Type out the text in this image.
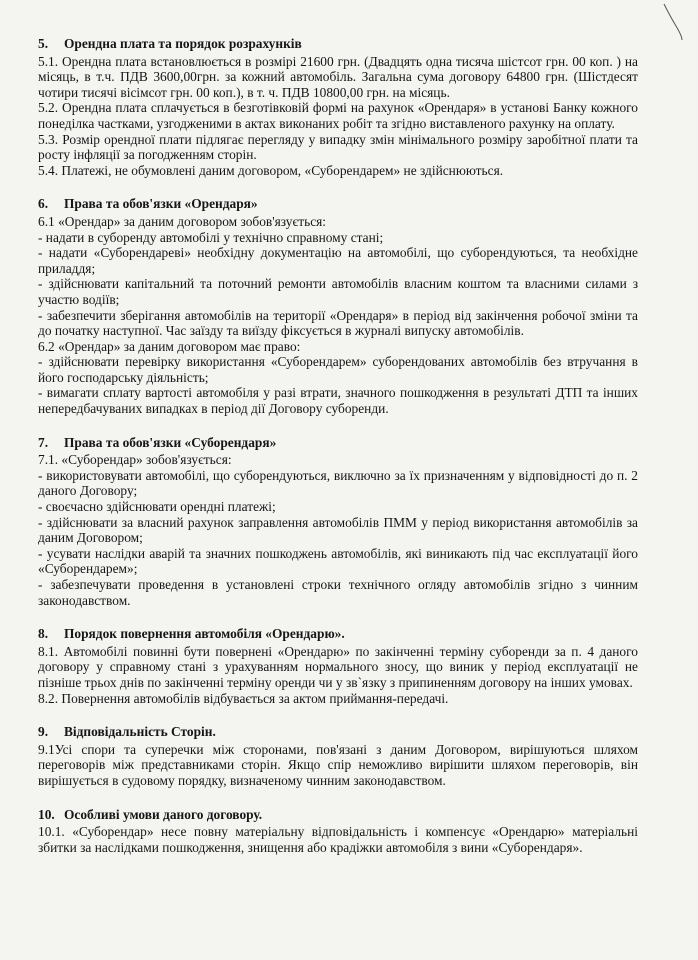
5. Орендна плата та порядок розрахунків

5.1. Орендна плата встановлюється в розмірі 21600 грн. (Двадцять одна тисяча шістсот грн. 00 коп. ) на місяць, в т.ч. ПДВ 3600,00грн. за кожний автомобіль. Загальна сума договору 64800 грн. (Шістдесят чотири тисячі вісімсот грн. 00 коп.), в т. ч. ПДВ 10800,00 грн. на місяць.

5.2. Орендна плата сплачується в безготівковій формі на рахунок «Орендаря» в установі Банку кожного понеділка частками, узгодженими в актах виконаних робіт та згідно виставленого рахунку на оплату.

5.3. Розмір орендної плати підлягає перегляду у випадку змін мінімального розміру заробітної плати та росту інфляції за погодженням сторін.

5.4. Платежі, не обумовлені даним договором, «Суборендарем» не здійснюються.

6. Права та обов'язки «Орендаря»

6.1 «Орендар» за даним договором зобов'язується:

- надати в суборенду автомобілі у технічно справному стані;

- надати «Суборендареві» необхідну документацію на автомобілі, що суборендуються, та необхідне приладдя;

- здійснювати капітальний та поточний ремонти автомобілів власним коштом та власними силами з участю водіїв;

- забезпечити зберігання автомобілів на території «Орендаря» в період від закінчення робочої зміни та до початку наступної. Час заїзду та виїзду фіксується в журналі випуску автомобілів.

6.2 «Орендар» за даним договором має право:

- здійснювати перевірку використання «Суборендарем» суборендованих автомобілів без втручання в його господарську діяльність;

- вимагати сплату вартості автомобіля у разі втрати, значного пошкодження в результаті ДТП та інших непередбачуваних випадках в період дії Договору суборенди.

7. Права та обов'язки «Суборендаря»

7.1. «Суборендар» зобов'язується:

- використовувати автомобілі, що суборендуються, виключно за їх призначенням у відповідності до п. 2 даного Договору;

- своєчасно здійснювати орендні платежі;

- здійснювати за власний рахунок заправлення автомобілів ПММ у період використання автомобілів за даним Договором;

- усувати наслідки аварій та значних пошкоджень автомобілів, які виникають під час експлуатації його «Суборендарем»;

- забезпечувати проведення в установлені строки технічного огляду автомобілів згідно з чинним законодавством.

8. Порядок повернення автомобіля «Орендарю».

8.1. Автомобілі повинні бути повернені «Орендарю» по закінченні терміну суборенди за п. 4 даного договору у справному стані з урахуванням нормального зносу, що виник у період експлуатації не пізніше трьох днів по закінченні терміну оренди чи у зв`язку з припиненням договору на інших умовах.

8.2. Повернення автомобілів відбувається за актом приймання-передачі.

9. Відповідальність Сторін.

9.1Усі спори та суперечки між сторонами, пов'язані з даним Договором, вирішуються шляхом переговорів між представниками сторін. Якщо спір неможливо вирішити шляхом переговорів, він вирішується в судовому порядку, визначеному чинним законодавством.

10. Особливі умови даного договору.

10.1. «Суборендар» несе повну матеріальну відповідальність і компенсує «Орендарю» матеріальні збитки за наслідками пошкодження, знищення або крадіжки автомобіля з вини «Суборендаря».
